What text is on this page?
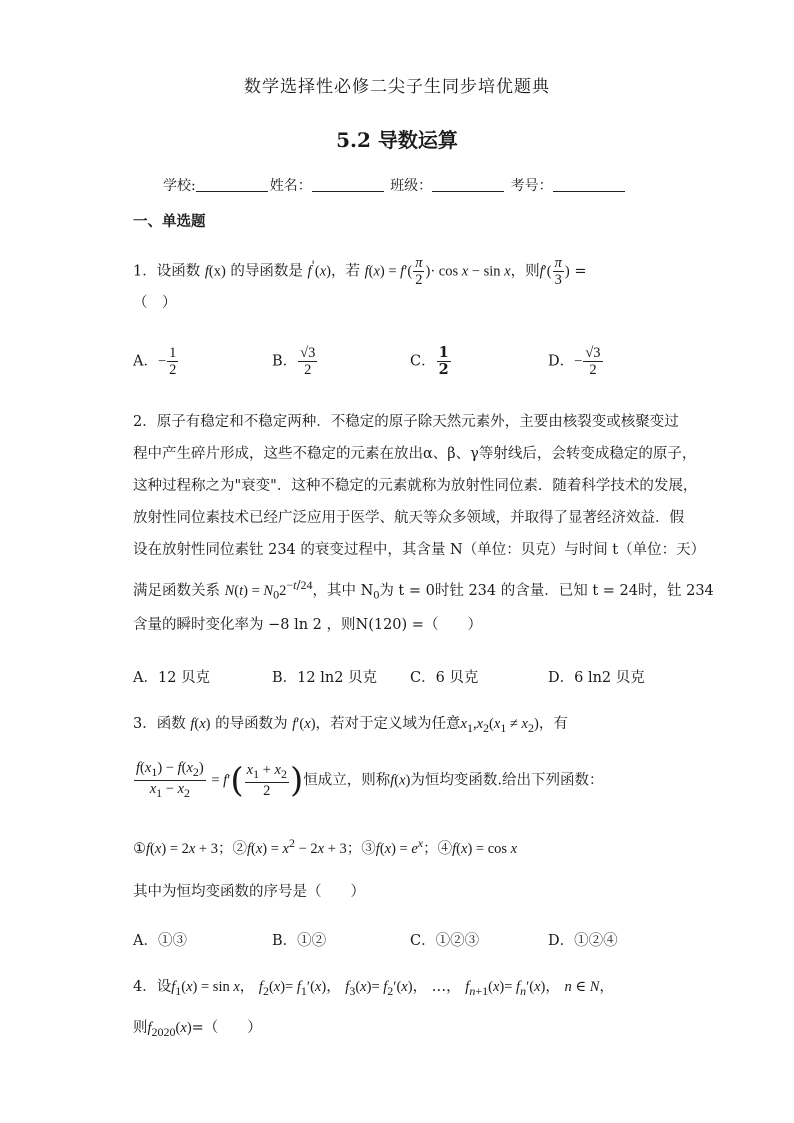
数学选择性必修二尖子生同步培优题典
5.2 导数运算
学校:	姓名：	班级：	考号：
一、单选题
1．设函数 f(x) 的导函数是 f'(x)，若 $f(x) = f'( \frac{\pi}{2}$ )· cos x − sin x，则$f'( \frac{\pi}{3}$ ) =
（　）
A．− $\frac{1}{2}$	B． $\frac{√3}{2}$	C． $\frac{1}{2}$	D．− $\frac{√3}{2}$
2．原子有稳定和不稳定两种．不稳定的原子除天然元素外，主要由核裂变或核聚变过
程中产生碎片形成，这些不稳定的元素在放出α、β、γ等射线后，会转变成稳定的原子，
这种过程称之为"衰变"．这种不稳定的元素就称为放射性同位素．随着科学技术的发展，
放射性同位素技术已经广泛应用于医学、航天等众多领域，并取得了显著经济效益．假
设在放射性同位素钍 234 的衰变过程中，其含量 N（单位：贝克）与时间 t（单位：天）
满足函数关系 $N(t) = N_02^{-t/24}$，其中 $N_0$为 t = 0时钍 234 的含量．已知 t = 24时，钍 234
含量的瞬时变化率为 −8 ln 2 ，则N(120) =（　　）
A．12 贝克	B．12 ln2 贝克 C．6 贝克	D．6 ln2 贝克
3．函数 f(x) 的导函数为 f′(x)，若对于定义域为任意$x_1,x_2(x_1 \ne x_2)$，有
$\frac{f(x_1) - f(x_2)}{x_1 - x_2} = f'( \frac{x_1 + x_2}{2}$ )恒成立，则称f(x)为恒均变函数.给出下列函数：
①f(x) = 2x + 3；②f(x) = $x^2 - 2x + 3$；③f(x) = $e^x$；④f(x) = cos x
其中为恒均变函数的序号是（　　）
A．①③	B．①②	C．①②③	D．①②④
4．设$f_1(x) = \sin x$， $f_2(x)= f_1'(x)$， $f_3(x)= f_2'(x)$， …， $f_{n+1}(x)= f_n'(x)$， n ∈ N，
则$f_{2020}(x)=$（　　）
